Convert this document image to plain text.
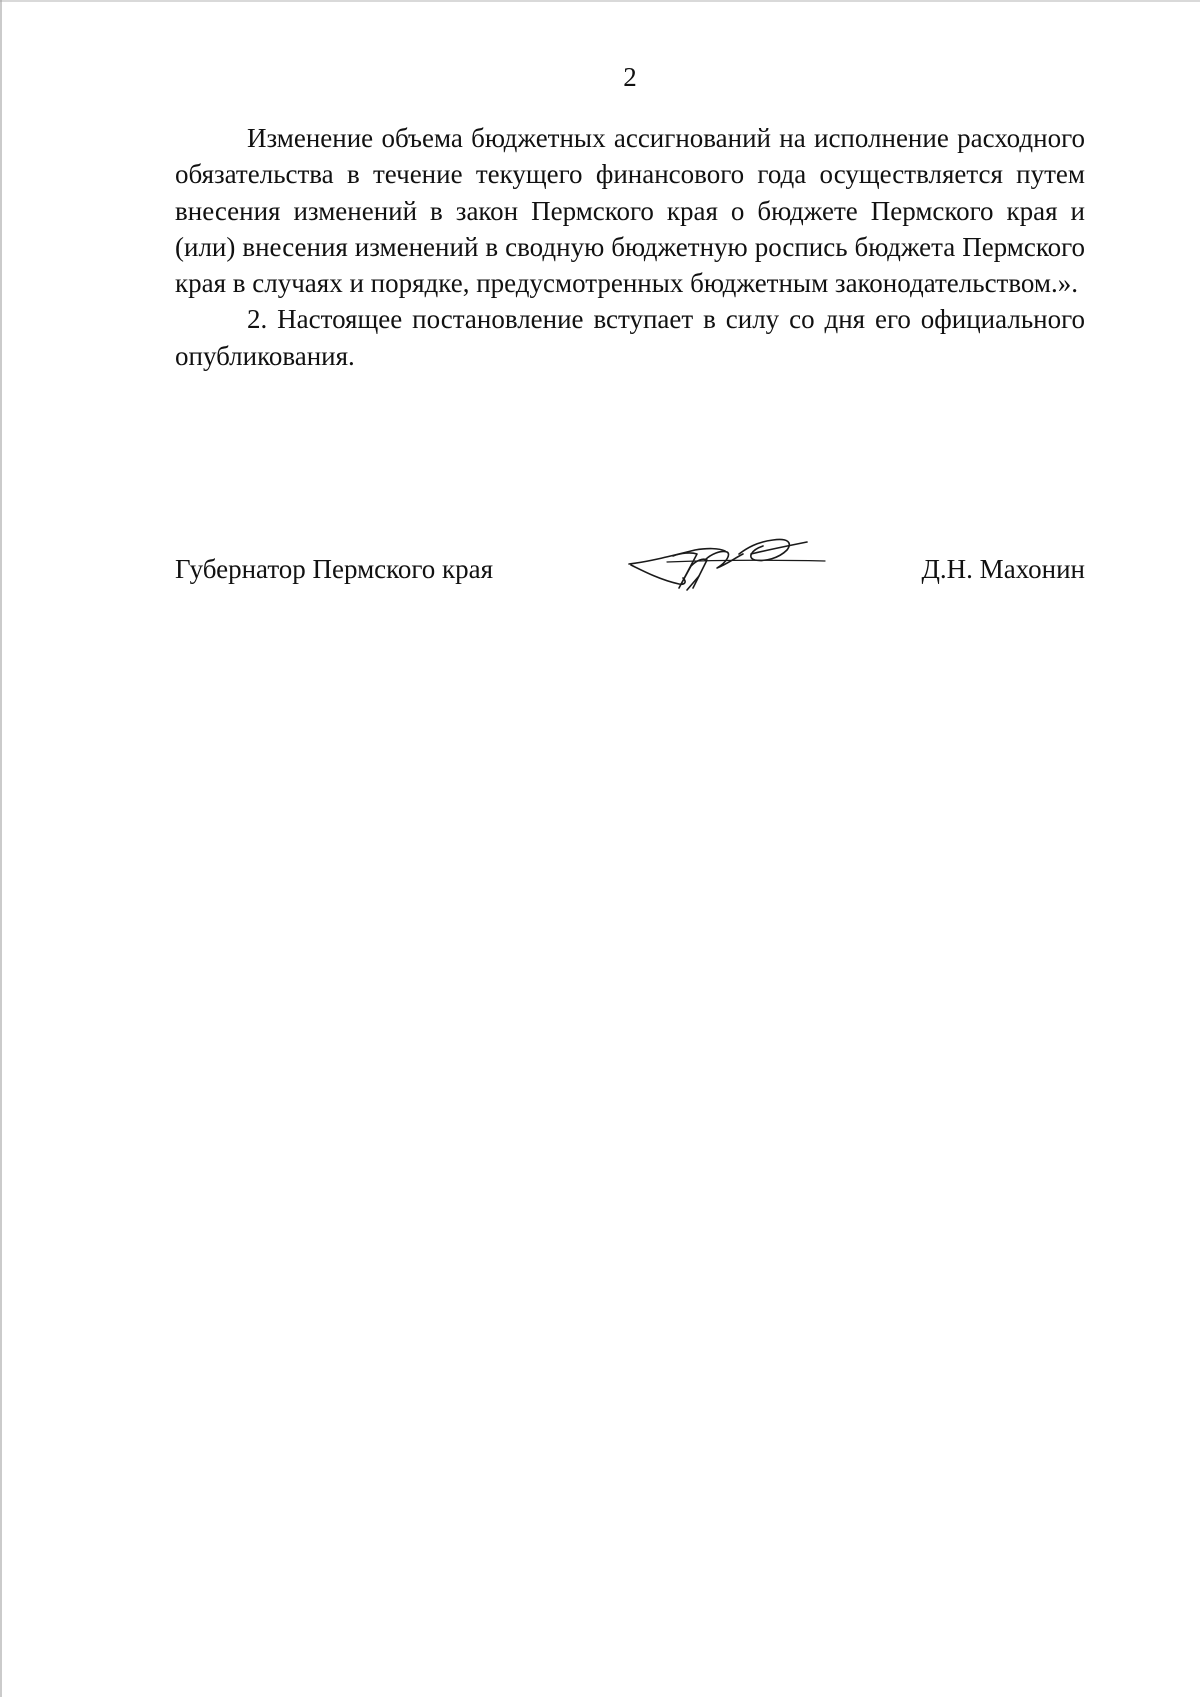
2

Изменение объема бюджетных ассигнований на исполнение расходного обязательства в течение текущего финансового года осуществляется путем внесения изменений в закон Пермского края о бюджете Пермского края и (или) внесения изменений в сводную бюджетную роспись бюджета Пермского края в случаях и порядке, предусмотренных бюджетным законодательством.».

2. Настоящее постановление вступает в силу со дня его официального опубликования.

Губернатор Пермского края	Д.Н. Махонин
